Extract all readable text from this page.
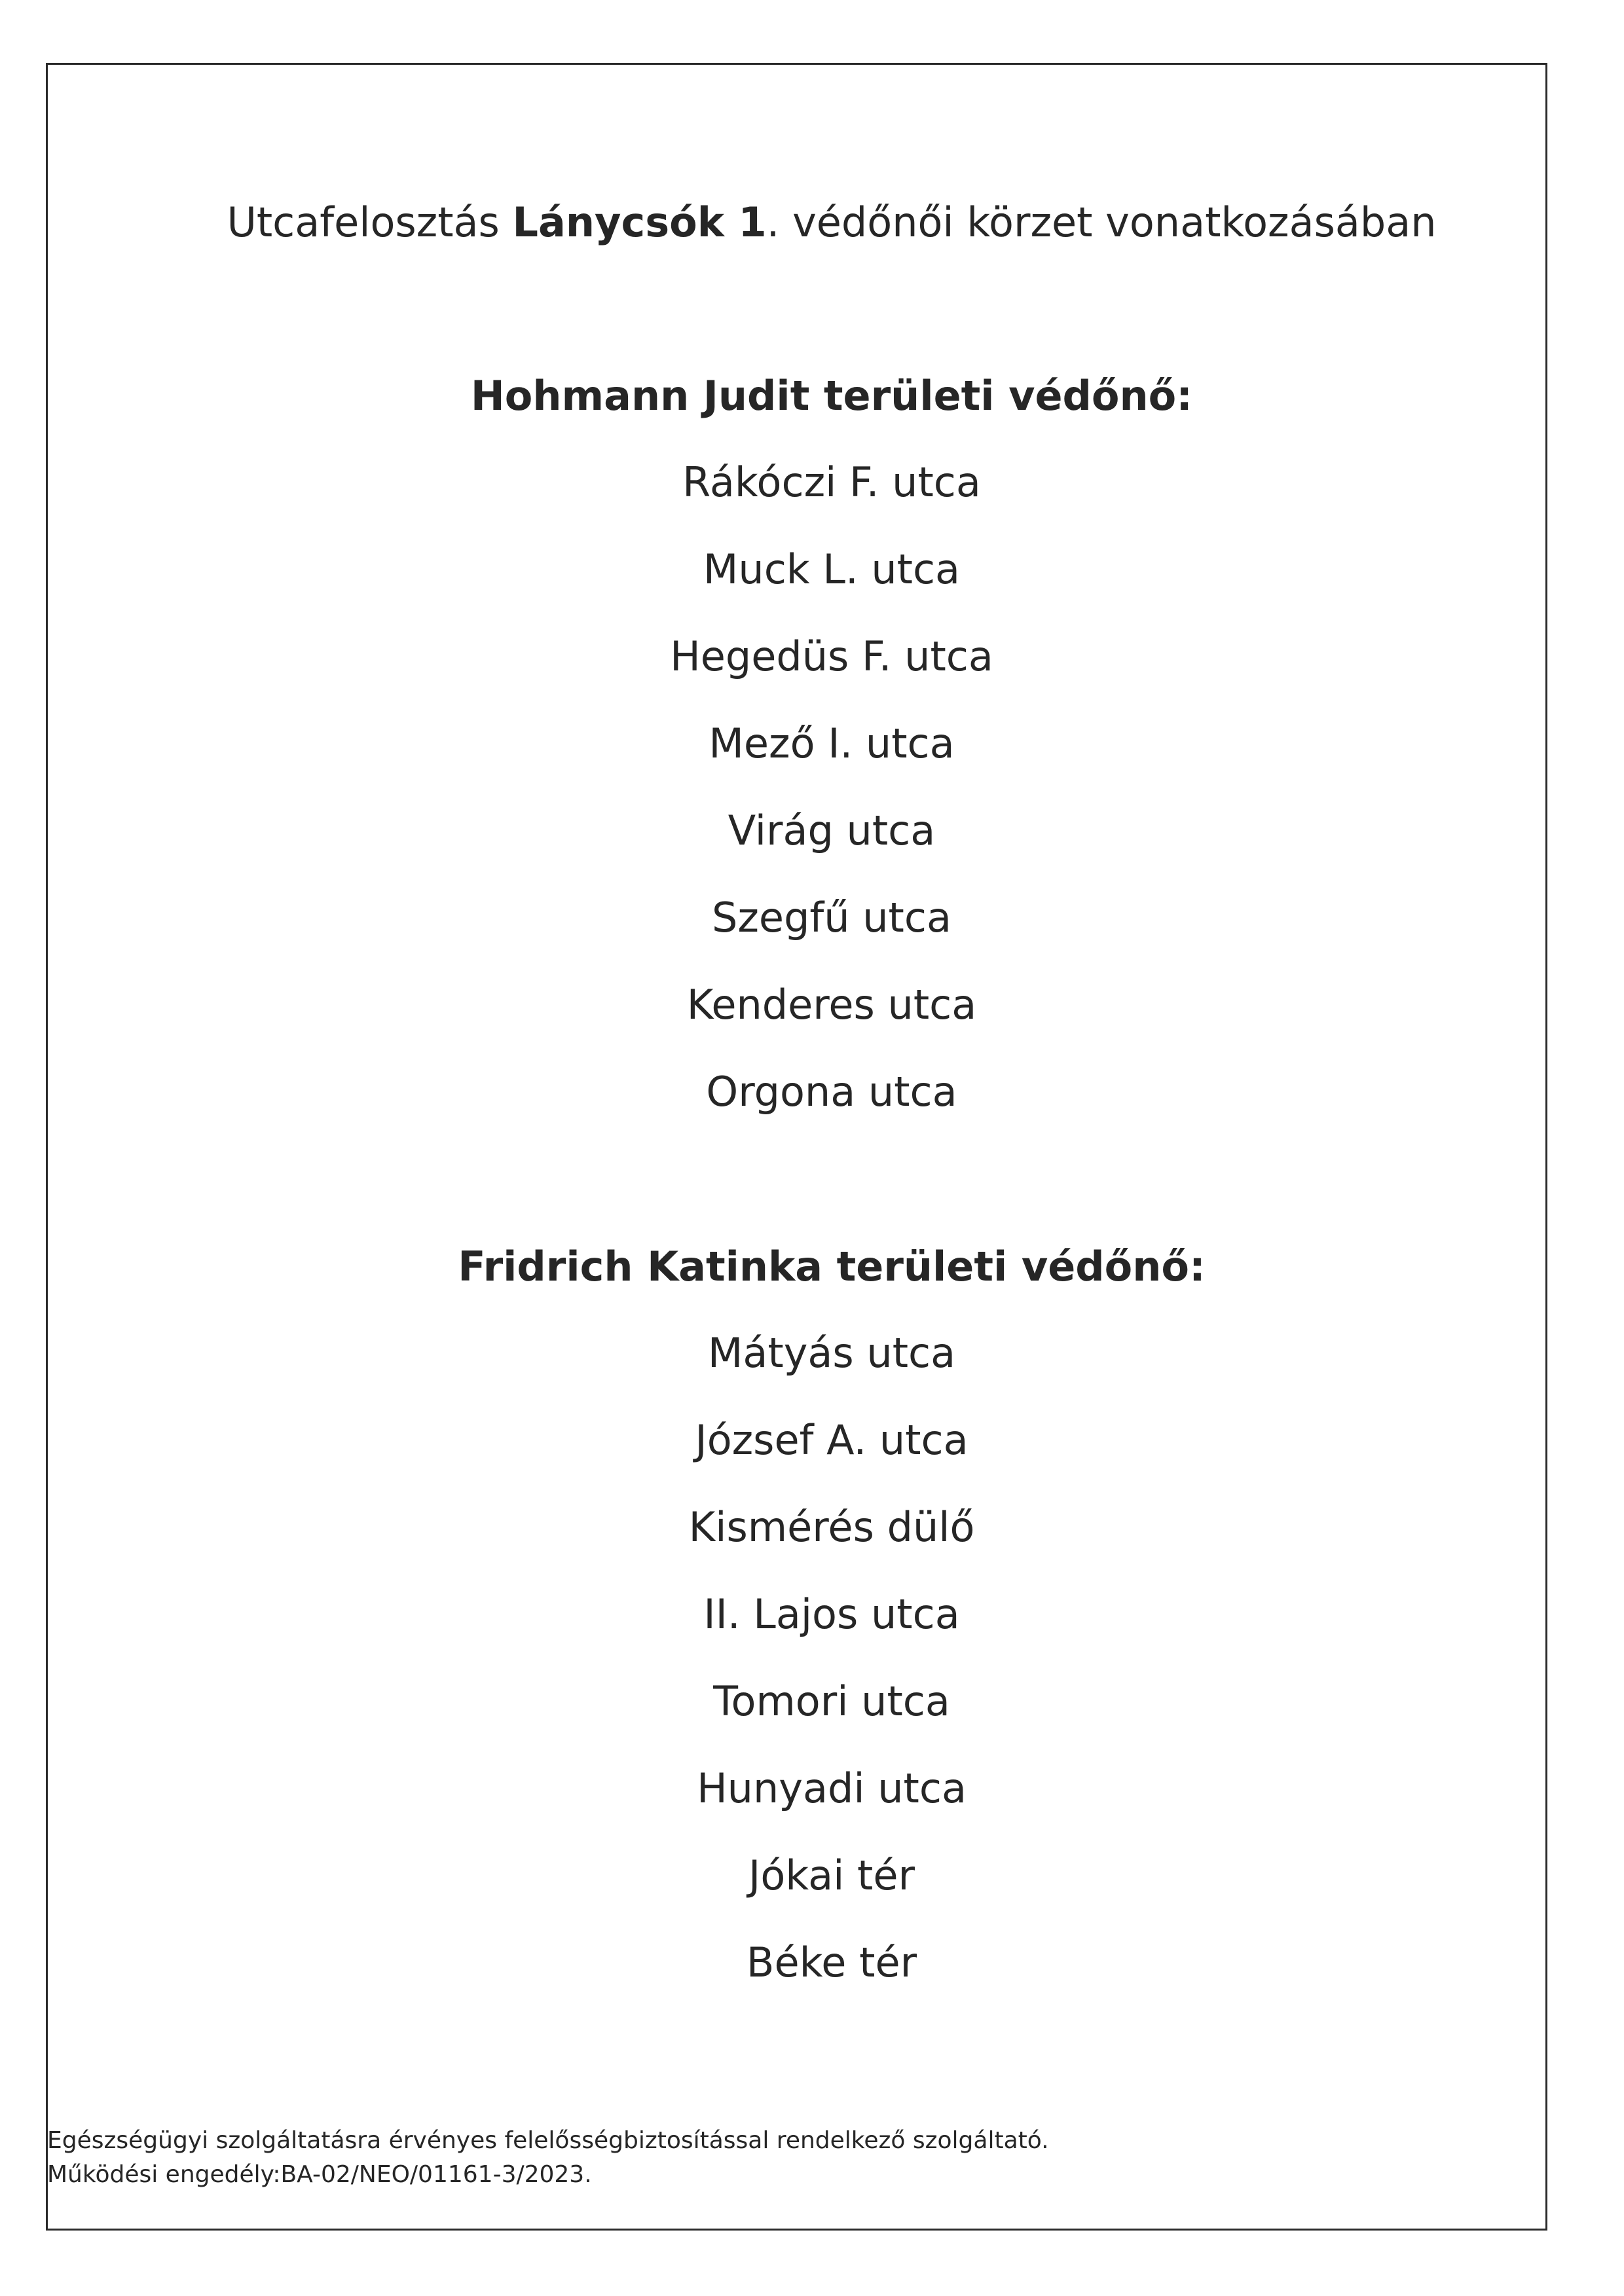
Utcafelosztás Lánycsók 1. védőnői körzet vonatkozásában
Hohmann Judit területi védőnő:
Rákóczi F. utca
Muck L. utca
Hegedüs F. utca
Mező I. utca
Virág utca
Szegfű utca
Kenderes utca
Orgona utca
Fridrich Katinka területi védőnő:
Mátyás utca
József A. utca
Kismérés dülő
II. Lajos utca
Tomori utca
Hunyadi utca
Jókai tér
Béke tér
Egészségügyi szolgáltatásra érvényes felelősségbiztosítással rendelkező szolgáltató.
Működési engedély:BA-02/NEO/01161-3/2023.
